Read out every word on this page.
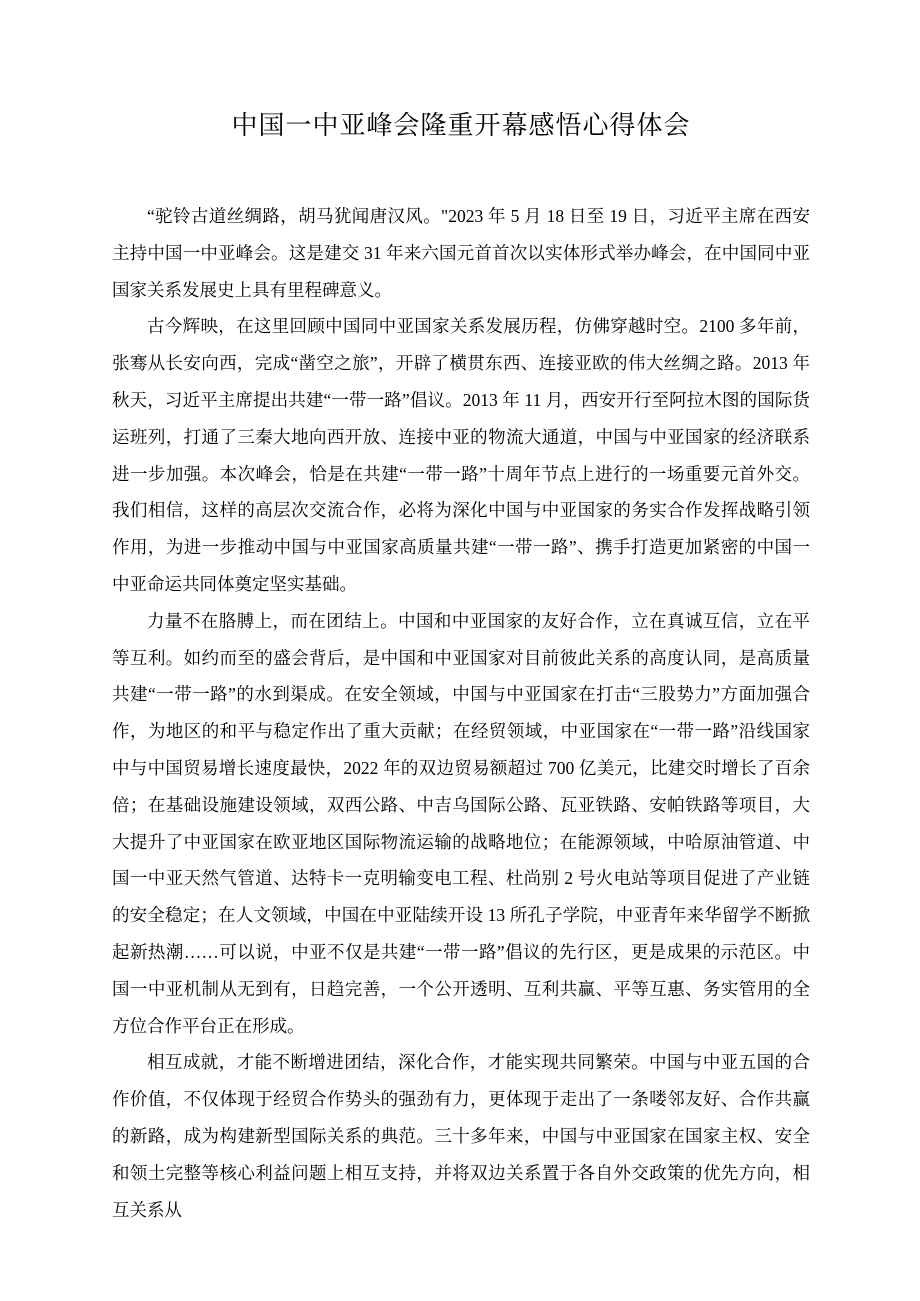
中国一中亚峰会隆重开幕感悟心得体会

“驼铃古道丝绸路，胡马犹闻唐汉风。"2023 年 5 月 18 日至 19 日，习近平主席在西安主持中国一中亚峰会。这是建交 31 年来六国元首首次以实体形式举办峰会，在中国同中亚国家关系发展史上具有里程碑意义。

古今辉映，在这里回顾中国同中亚国家关系发展历程，仿佛穿越时空。2100 多年前，张骞从长安向西，完成“凿空之旅”，开辟了横贯东西、连接亚欧的伟大丝绸之路。2013 年秋天，习近平主席提出共建“一带一路”倡议。2013 年 11 月，西安开行至阿拉木图的国际货运班列，打通了三秦大地向西开放、连接中亚的物流大通道，中国与中亚国家的经济联系进一步加强。本次峰会，恰是在共建“一带一路”十周年节点上进行的一场重要元首外交。我们相信，这样的高层次交流合作，必将为深化中国与中亚国家的务实合作发挥战略引领作用，为进一步推动中国与中亚国家高质量共建“一带一路”、携手打造更加紧密的中国一中亚命运共同体奠定坚实基础。

力量不在胳膊上，而在团结上。中国和中亚国家的友好合作，立在真诚互信，立在平等互利。如约而至的盛会背后，是中国和中亚国家对目前彼此关系的高度认同，是高质量共建“一带一路”的水到渠成。在安全领域，中国与中亚国家在打击“三股势力”方面加强合作，为地区的和平与稳定作出了重大贡献；在经贸领域，中亚国家在“一带一路”沿线国家中与中国贸易增长速度最快，2022 年的双边贸易额超过 700 亿美元，比建交时增长了百余倍；在基础设施建设领域，双西公路、中吉乌国际公路、瓦亚铁路、安帕铁路等项目，大大提升了中亚国家在欧亚地区国际物流运输的战略地位；在能源领域，中哈原油管道、中国一中亚天然气管道、达特卡一克明输变电工程、杜尚别 2 号火电站等项目促进了产业链的安全稳定；在人文领域，中国在中亚陆续开设 13 所孔子学院，中亚青年来华留学不断掀起新热潮……可以说，中亚不仅是共建“一带一路”倡议的先行区，更是成果的示范区。中国一中亚机制从无到有，日趋完善，一个公开透明、互利共赢、平等互惠、务实管用的全方位合作平台正在形成。

相互成就，才能不断增进团结，深化合作，才能实现共同繁荣。中国与中亚五国的合作价值，不仅体现于经贸合作势头的强劲有力，更体现于走出了一条喽邻友好、合作共赢的新路，成为构建新型国际关系的典范。三十多年来，中国与中亚国家在国家主权、安全和领土完整等核心利益问题上相互支持，并将双边关系置于各自外交政策的优先方向，相互关系从
